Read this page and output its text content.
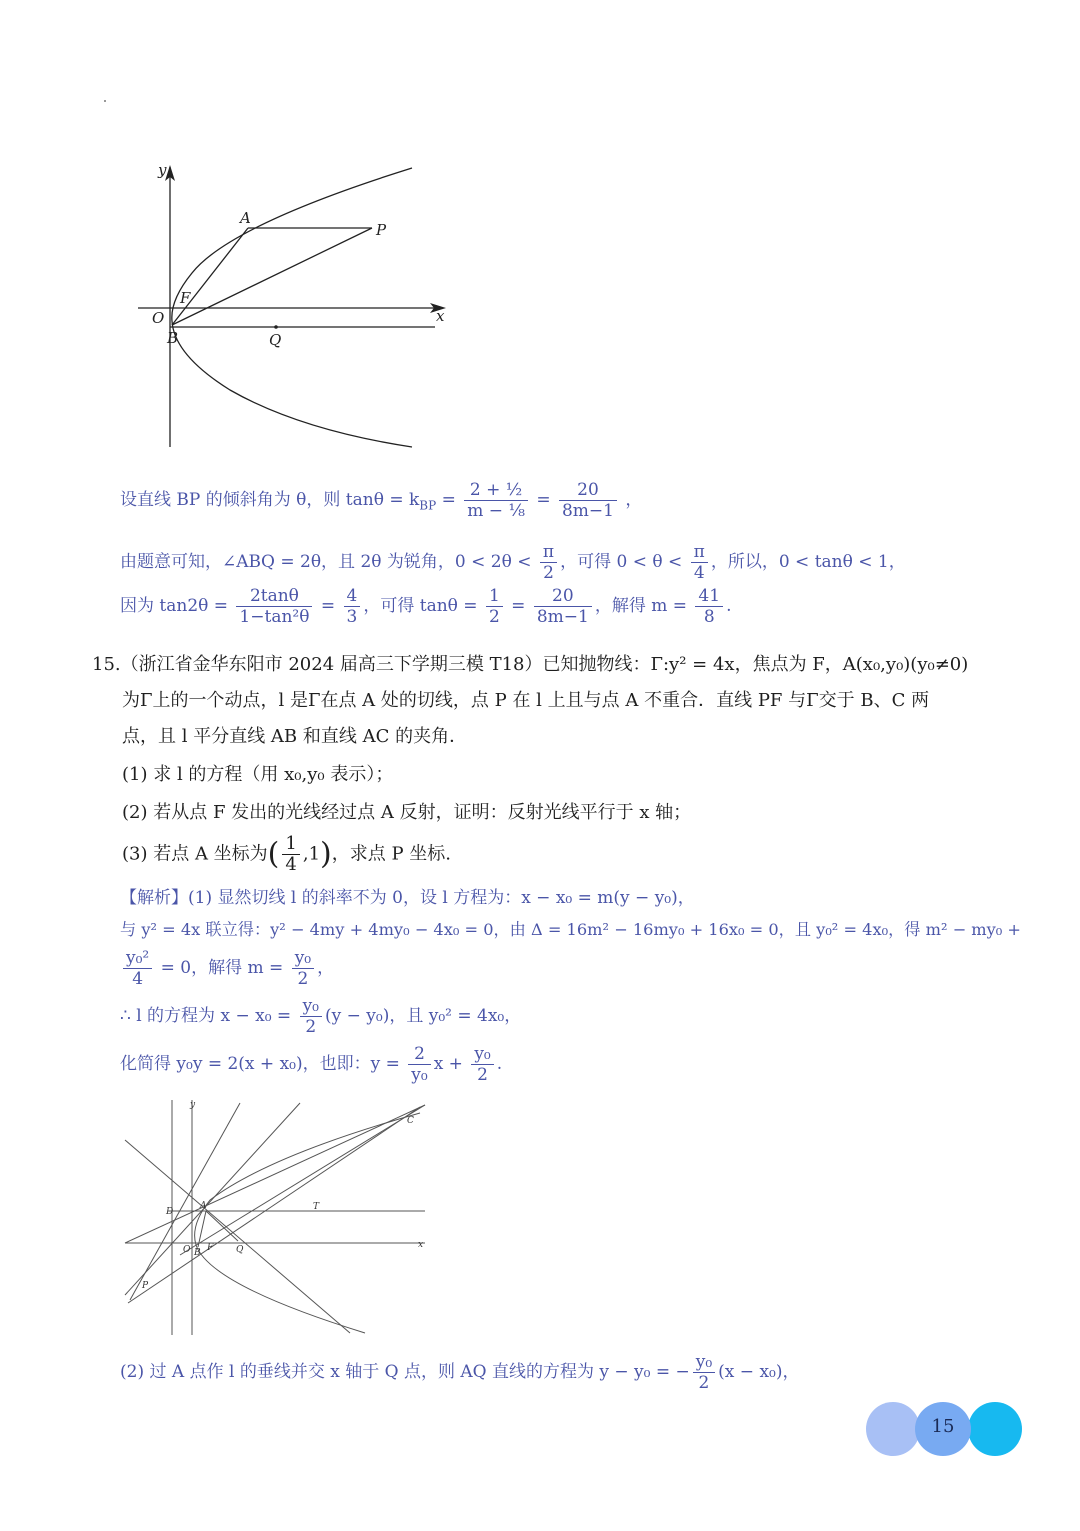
y
x
O
A
P
F
B	Q
设直线 BP 的倾斜角为 θ，则 $\tan\theta = k_{BP} = \frac{\text{2 + ½}}{\text{m − ⅛}} = \frac{20}{8m-1}$ ，
由题意可知，∠ABQ = 2θ，且 2θ 为锐角，$0 < 2\theta < \frac{\pi}{2}$ ，可得 $0 < \theta < \frac{\pi}{4}$ ，所以，0 < tanθ < 1，
因为 $\tan 2\theta = \frac{2\tan\theta}{\text{1−tan²θ}} = \frac{4}{3}$ ，可得 $\tan\theta = \frac{1}{2} = \frac{20}{8m-1}$ ，解得 $m = \frac{41}{8}$ .
15.（浙江省金华东阳市 2024 届高三下学期三模 T18）已知抛物线：Γ:y² = 4x，焦点为 F，A(x₀,y₀)(y₀≠0)
为Γ上的一个动点，l 是Γ在点 A 处的切线，点 P 在 l 上且与点 A 不重合．直线 PF 与Γ交于 B、C 两
点，且 l 平分直线 AB 和直线 AC 的夹角．
(1) 求 l 的方程（用 x₀,y₀ 表示）；
(2) 若从点 F 发出的光线经过点 A 反射，证明：反射光线平行于 x 轴；
(3) 若点 A 坐标为( $\frac{1}{4} ,1$)，求点 P 坐标.
【解析】(1) 显然切线 l 的斜率不为 0，设 l 方程为：x − x₀ = m(y − y₀)，
与 y² = 4x 联立得：y² − 4my + 4my₀ − 4x₀ = 0，由 Δ = 16m² − 16my₀ + 16x₀ = 0，且 y₀² = 4x₀，得 m² − my₀ +
$\frac{\text{y₀²}}{4} = 0$，解得 $m = \frac{\text{y₀}}{2}$ ，
∴ l 的方程为 $x - x_0 = \frac{\text{y₀}}{2} (y - y_0)$，且 y₀² = 4x₀，
化简得 y₀y = 2(x + x₀)，也即：$y = \frac{2}{\text{y₀}}$ $x + \frac{\text{y₀}}{2}$ .
y
x
C
T
D
A
O B F	Q
P
(2) 过 A 点作 l 的垂线并交 x 轴于 Q 点，则 AQ 直线的方程为 y − y₀ = − $\frac{\text{y₀}}{2} (x - x_0)$，
15
